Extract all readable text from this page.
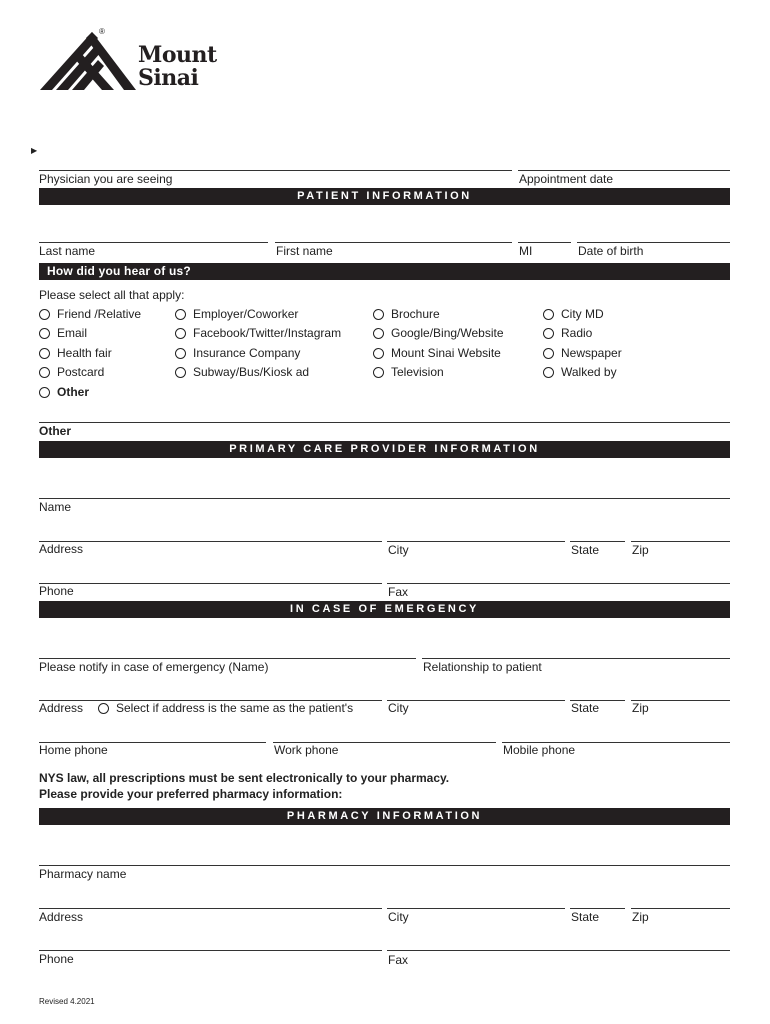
®
Mount
Sinai
▶
Physician you are seeing	Appointment date
PATIENT INFORMATION
Last name	First name	MI	Date of birth
How did you hear of us?
Please select all that apply:
Friend /Relative
Email
Health fair
Postcard
Other
Employer/Coworker
Facebook/Twitter/Instagram
Insurance Company
Subway/Bus/Kiosk ad
Brochure
Google/Bing/Website
Mount Sinai Website
Television
City MD
Radio
Newspaper
Walked by
Other
PRIMARY CARE PROVIDER INFORMATION
Name
Address	City	State	Zip
Phone	Fax
IN CASE OF EMERGENCY
Please notify in case of emergency (Name)	Relationship to patient
Address	Select if address is the same as the patient's	City	State	Zip
Home phone	Work phone	Mobile phone
NYS law, all prescriptions must be sent electronically to your pharmacy.
Please provide your preferred pharmacy information:
PHARMACY INFORMATION
Pharmacy name
Address	City	State	Zip
Phone	Fax
Revised 4.2021
